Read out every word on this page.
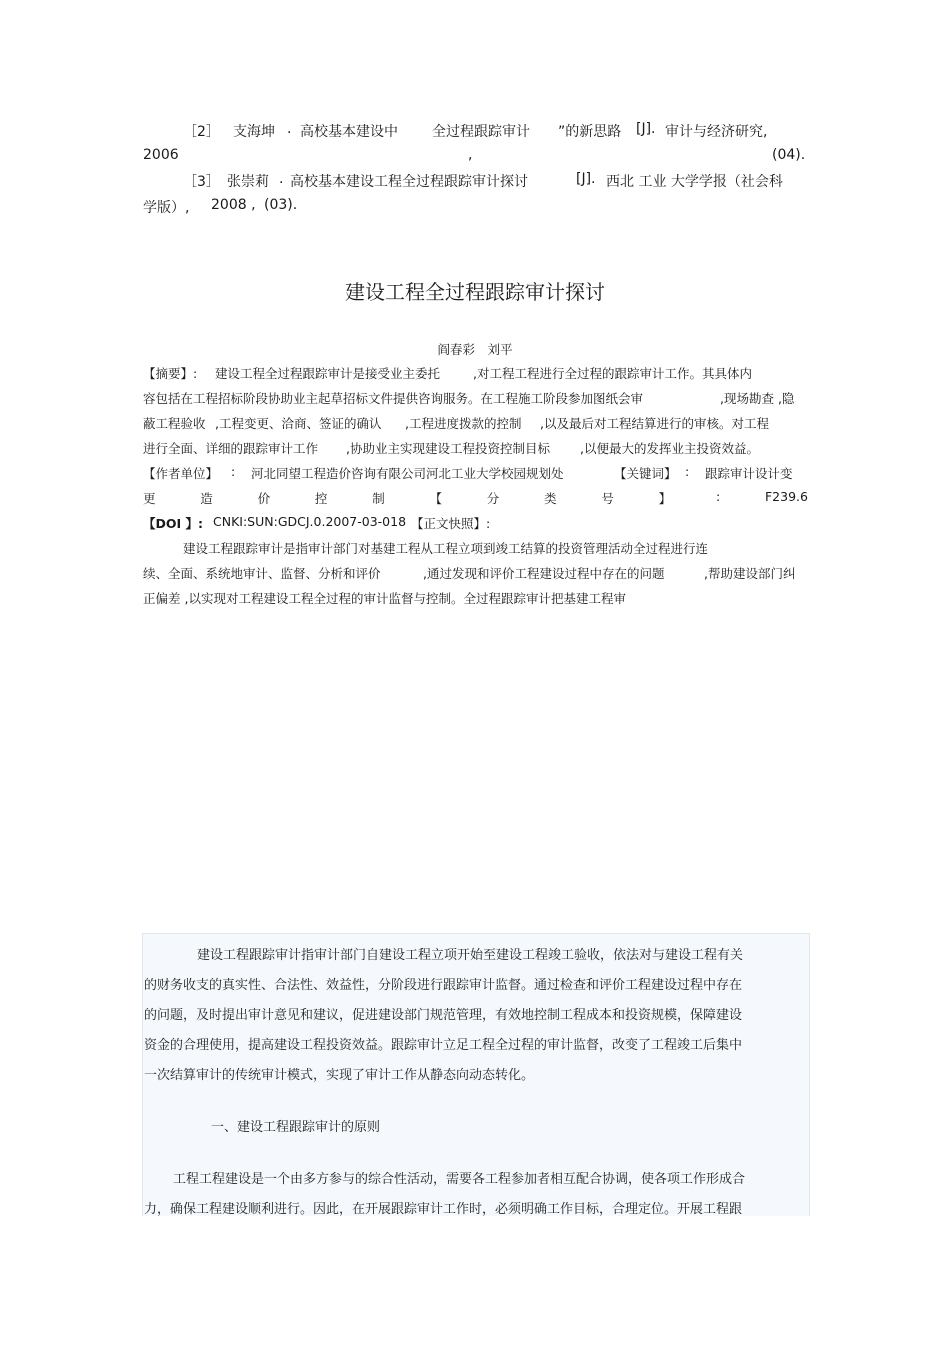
［2］ 支海坤 . 高校基本建设中 全过程跟踪审计 ”的新思路 [J]. 审计与经济研究,
2006	,	(04).
［3］ 张崇莉 . 高校基本建设工程全过程跟踪审计探讨	[J]. 西北 工业 大学学报（社会科
学版）, 2008 , (03).
建设工程全过程跟踪审计探讨
阎春彩　刘平
【摘要】: 建设工程全过程跟踪审计是接受业主委托	,对工程工程进行全过程的跟踪审计工作。其具体内
容包括在工程招标阶段协助业主起草招标文件提供咨询服务。在工程施工阶段参加图纸会审	,现场勘查 ,隐
蔽工程验收 ,工程变更、洽商、签证的确认 ,工程进度拨款的控制 ,以及最后对工程结算进行的审核。对工程
进行全面、详细的跟踪审计工作 ,协助业主实现建设工程投资控制目标 ,以便最大的发挥业主投资效益。
【作者单位】 : 河北同望工程造价咨询有限公司河北工业大学校园规划处	【关键词】 : 跟踪审计设计变
更	造	价	控	制	【	分	类	号	】	:	F239.6
【DOI 】: CNKI:SUN:GDCJ.0.2007-03-018 【正文快照】:
建设工程跟踪审计是指审计部门对基建工程从工程立项到竣工结算的投资管理活动全过程进行连
续、全面、系统地审计、监督、分析和评价	,通过发现和评价工程建设过程中存在的问题	,帮助建设部门纠
正偏差 ,以实现对工程建设工程全过程的审计监督与控制。全过程跟踪审计把基建工程审
建设工程跟踪审计指审计部门自建设工程立项开始至建设工程竣工验收，依法对与建设工程有关
的财务收支的真实性、合法性、效益性，分阶段进行跟踪审计监督。通过检查和评价工程建设过程中存在
的问题，及时提出审计意见和建议，促进建设部门规范管理，有效地控制工程成本和投资规模，保障建设
资金的合理使用，提高建设工程投资效益。跟踪审计立足工程全过程的审计监督，改变了工程竣工后集中
一次结算审计的传统审计模式，实现了审计工作从静态向动态转化。
一、建设工程跟踪审计的原则
工程工程建设是一个由多方参与的综合性活动，需要各工程参加者相互配合协调，使各项工作形成合
力，确保工程建设顺利进行。因此，在开展跟踪审计工作时，必须明确工作目标，合理定位。开展工程跟
